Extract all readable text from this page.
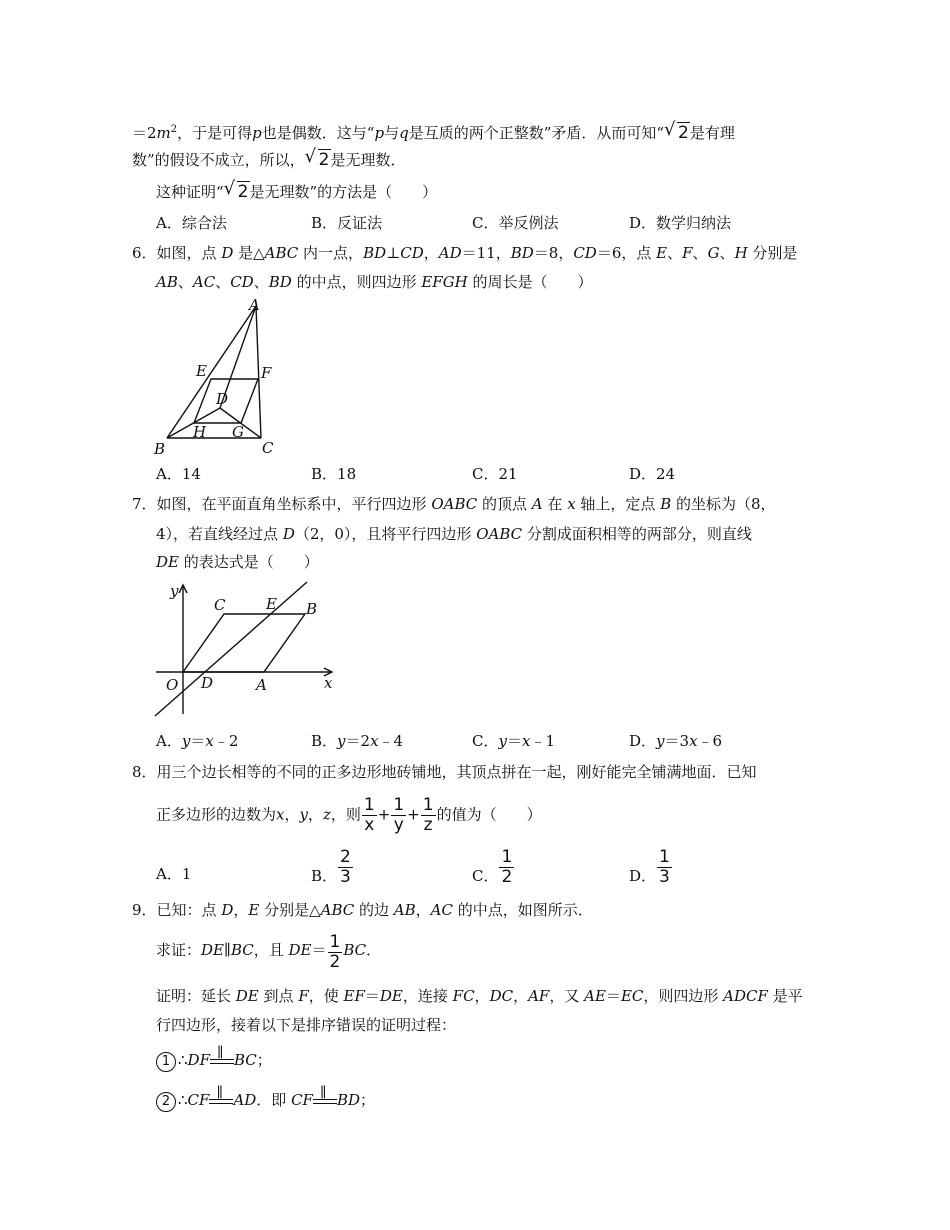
$=2m^2$，于是可得p也是偶数．这与“p与q是互质的两个正整数”矛盾．从而可知“ √ 2是有理
数”的假设不成立，所以， √ 2是无理数．
这种证明“ √ 2是无理数”的方法是（　　）
A．综合法	B．反证法	C．举反例法	D．数学归纳法
6．如图，点 D 是△ABC 内一点，BD⊥CD，AD＝11，BD＝8，CD＝6，点 E、F、G、H 分别是
AB、AC、CD、BD 的中点，则四边形 EFGH 的周长是（　　）
A
E	F
D
H G
B	C
A．14	B．18	C．21	D．24
7．如图，在平面直角坐标系中，平行四边形 OABC 的顶点 A 在 x 轴上，定点 B 的坐标为（8，
4），若直线经过点 D（2，0），且将平行四边形 OABC 分割成面积相等的两部分，则直线
DE 的表达式是（　　）
y
x
O D	A
B
C	E
A．y＝x﹣2	B．y＝2x﹣4	C．y＝x﹣1	D．y＝3x﹣6
8．用三个边长相等的不同的正多边形地砖铺地，其顶点拼在一起，刚好能完全铺满地面．已知
正多边形的边数为x，y，z，则 $\frac{1}{x} + \frac{1}{y} + \frac{1}{z}$ 的值为（　　）
A．1	B． $\frac{2}{3}$	C． $\frac{1}{2}$	D． $\frac{1}{3}$
9．已知：点 D，E 分别是△ABC 的边 AB，AC 的中点，如图所示．
求证：DE∥BC，且 $DE= \frac{1}{2}$ BC．
证明：延长 DE 到点 F，使 EF＝DE，连接 FC，DC，AF，又 AE＝EC，则四边形 ADCF 是平
行四边形，接着以下是排序错误的证明过程：
1 ∴DF ∥ BC；
2 ∴CF ∥ AD．即 CF ∥ BD；
